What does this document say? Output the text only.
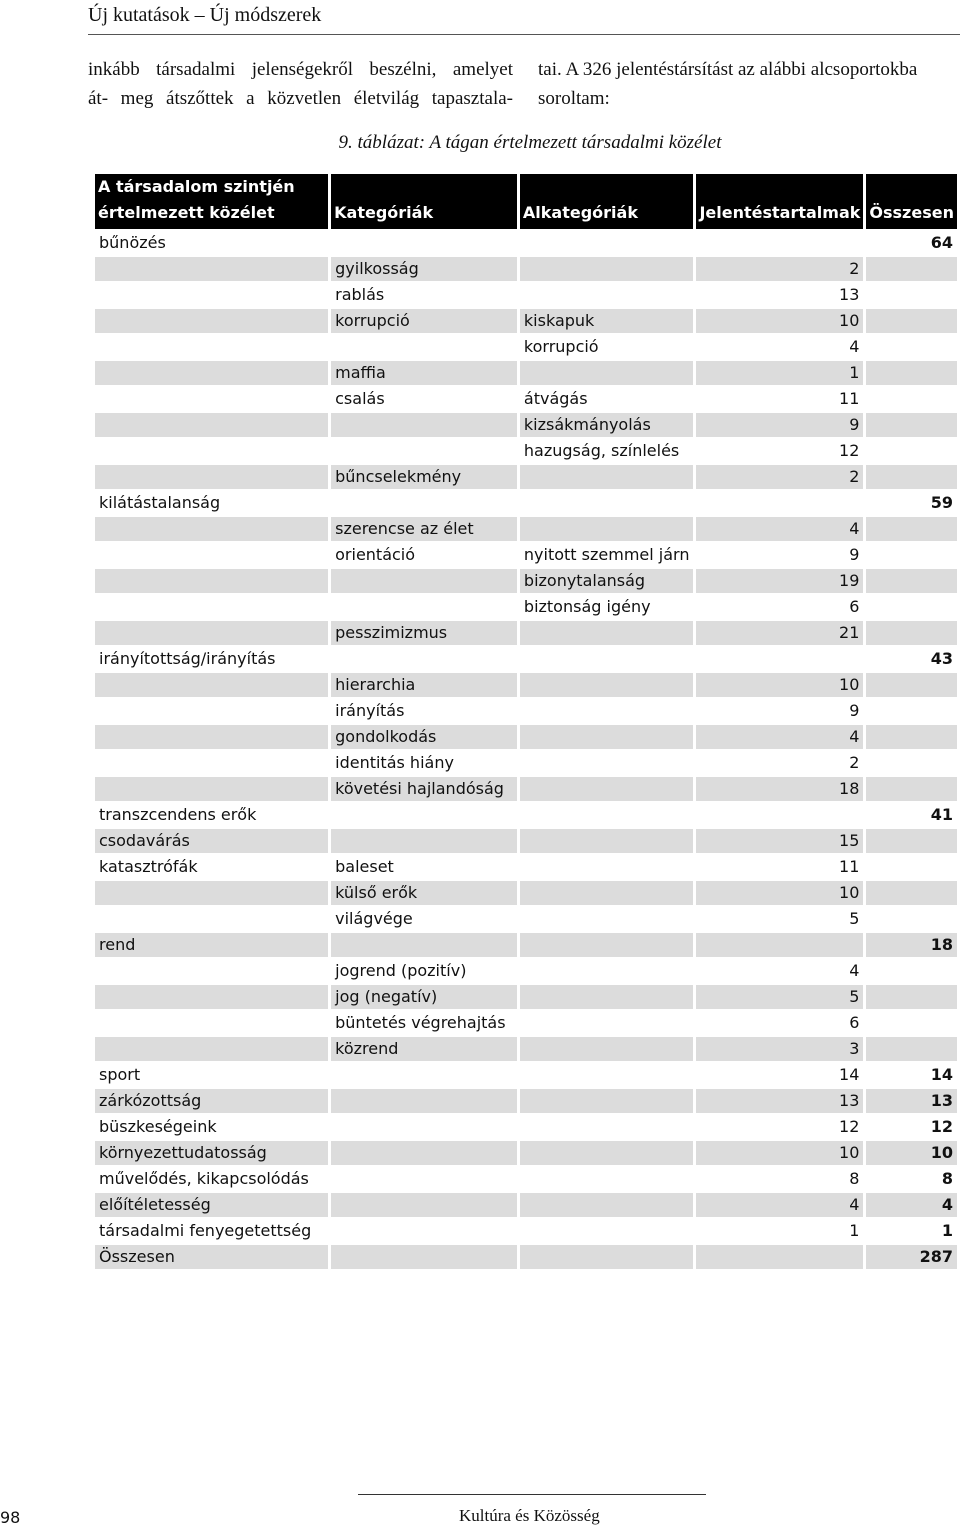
Új kutatások – Új módszerek
inkább társadalmi jelenségekről beszélni, amelyet
át- meg átszőttek a közvetlen életvilág tapasztala-
tai. A 326 jelentéstársítást az alábbi alcsoportokba
soroltam:
9. táblázat: A tágan értelmezett társadalmi közélet
A társadalom szintjén értelmezett közélet	Kategóriák	Alkategóriák	Jelentéstartalmak	Összesen
bűnözés				64
	gyilkosság		2	
	rablás		13	
	korrupció	kiskapuk	10	
		korrupció	4	
	maffia		1	
	csalás	átvágás	11	
		kizsákmányolás	9	
		hazugság, színlelés	12	
	bűncselekmény		2	
kilátástalanság				59
	szerencse az élet		4	
	orientáció	nyitott szemmel járn	9	
		bizonytalanság	19	
		biztonság igény	6	
	pesszimizmus		21	
irányítottság/irányítás				43
	hierarchia		10	
	irányítás		9	
	gondolkodás		4	
	identitás hiány		2	
	követési hajlandóság		18	
transzcendens erők				41
csodavárás			15	
katasztrófák	baleset		11	
	külső erők		10	
	világvége		5	
rend				18
	jogrend (pozitív)		4	
	jog (negatív)		5	
	büntetés végrehajtás		6	
	közrend		3	
sport			14	14
zárkózottság			13	13
büszkeségeink			12	12
környezettudatosság			10	10
művelődés, kikapcsolódás			8	8
előítéletesség			4	4
társadalmi fenyegetettség			1	1
Összesen				287
98	Kultúra és Közösség
